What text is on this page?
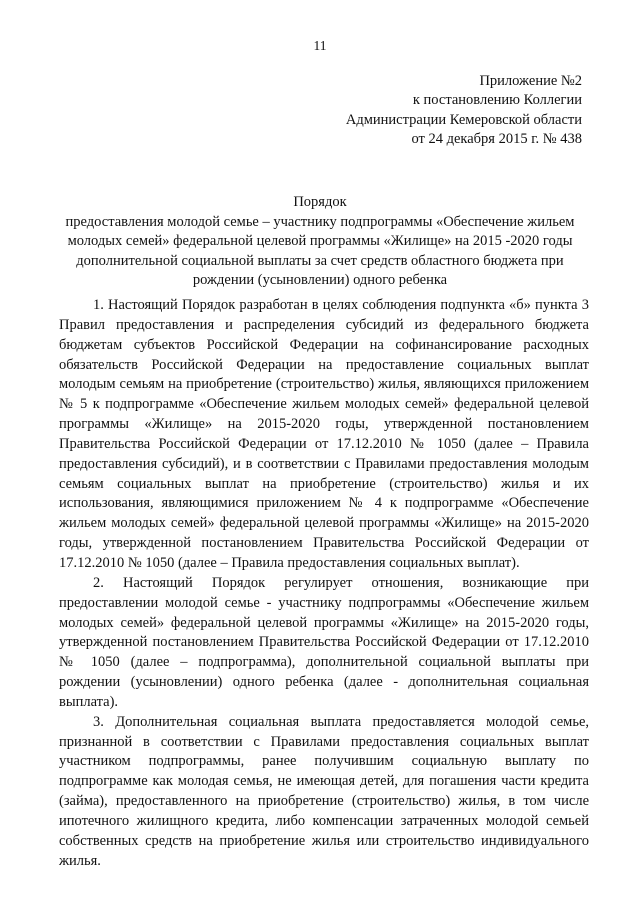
11
Приложение №2
к постановлению Коллегии
Администрации Кемеровской области
от 24 декабря 2015 г. № 438
Порядок
предоставления молодой семье – участнику подпрограммы «Обеспечение жильем молодых семей» федеральной целевой программы «Жилище» на 2015 -2020 годы дополнительной социальной выплаты за счет средств областного бюджета при рождении (усыновлении) одного ребенка

1. Настоящий Порядок разработан в целях соблюдения подпункта «б» пункта 3 Правил предоставления и распределения субсидий из федерального бюджета бюджетам субъектов Российской Федерации на софинансирование расходных обязательств Российской Федерации на предоставление социальных выплат молодым семьям на приобретение (строительство) жилья, являющихся приложением № 5 к подпрограмме «Обеспечение жильем молодых семей» федеральной целевой программы «Жилище» на 2015-2020 годы, утвержденной постановлением Правительства Российской Федерации от 17.12.2010 № 1050 (далее – Правила предоставления субсидий), и в соответствии с Правилами предоставления молодым семьям социальных выплат на приобретение (строительство) жилья и их использования, являющимися приложением № 4 к подпрограмме «Обеспечение жильем молодых семей» федеральной целевой программы «Жилище» на 2015-2020 годы, утвержденной постановлением Правительства Российской Федерации от 17.12.2010 № 1050 (далее – Правила предоставления социальных выплат).

2. Настоящий Порядок регулирует отношения, возникающие при предоставлении молодой семье - участнику подпрограммы «Обеспечение жильем молодых семей» федеральной целевой программы «Жилище» на 2015-2020 годы, утвержденной постановлением Правительства Российской Федерации от 17.12.2010 № 1050 (далее – подпрограмма), дополнительной социальной выплаты при рождении (усыновлении) одного ребенка (далее - дополнительная социальная выплата).

3. Дополнительная социальная выплата предоставляется молодой семье, признанной в соответствии с Правилами предоставления социальных выплат участником подпрограммы, ранее получившим социальную выплату по подпрограмме как молодая семья, не имеющая детей, для погашения части кредита (займа), предоставленного на приобретение (строительство) жилья, в том числе ипотечного жилищного кредита, либо компенсации затраченных молодой семьей собственных средств на приобретение жилья или строительство индивидуального жилья.
